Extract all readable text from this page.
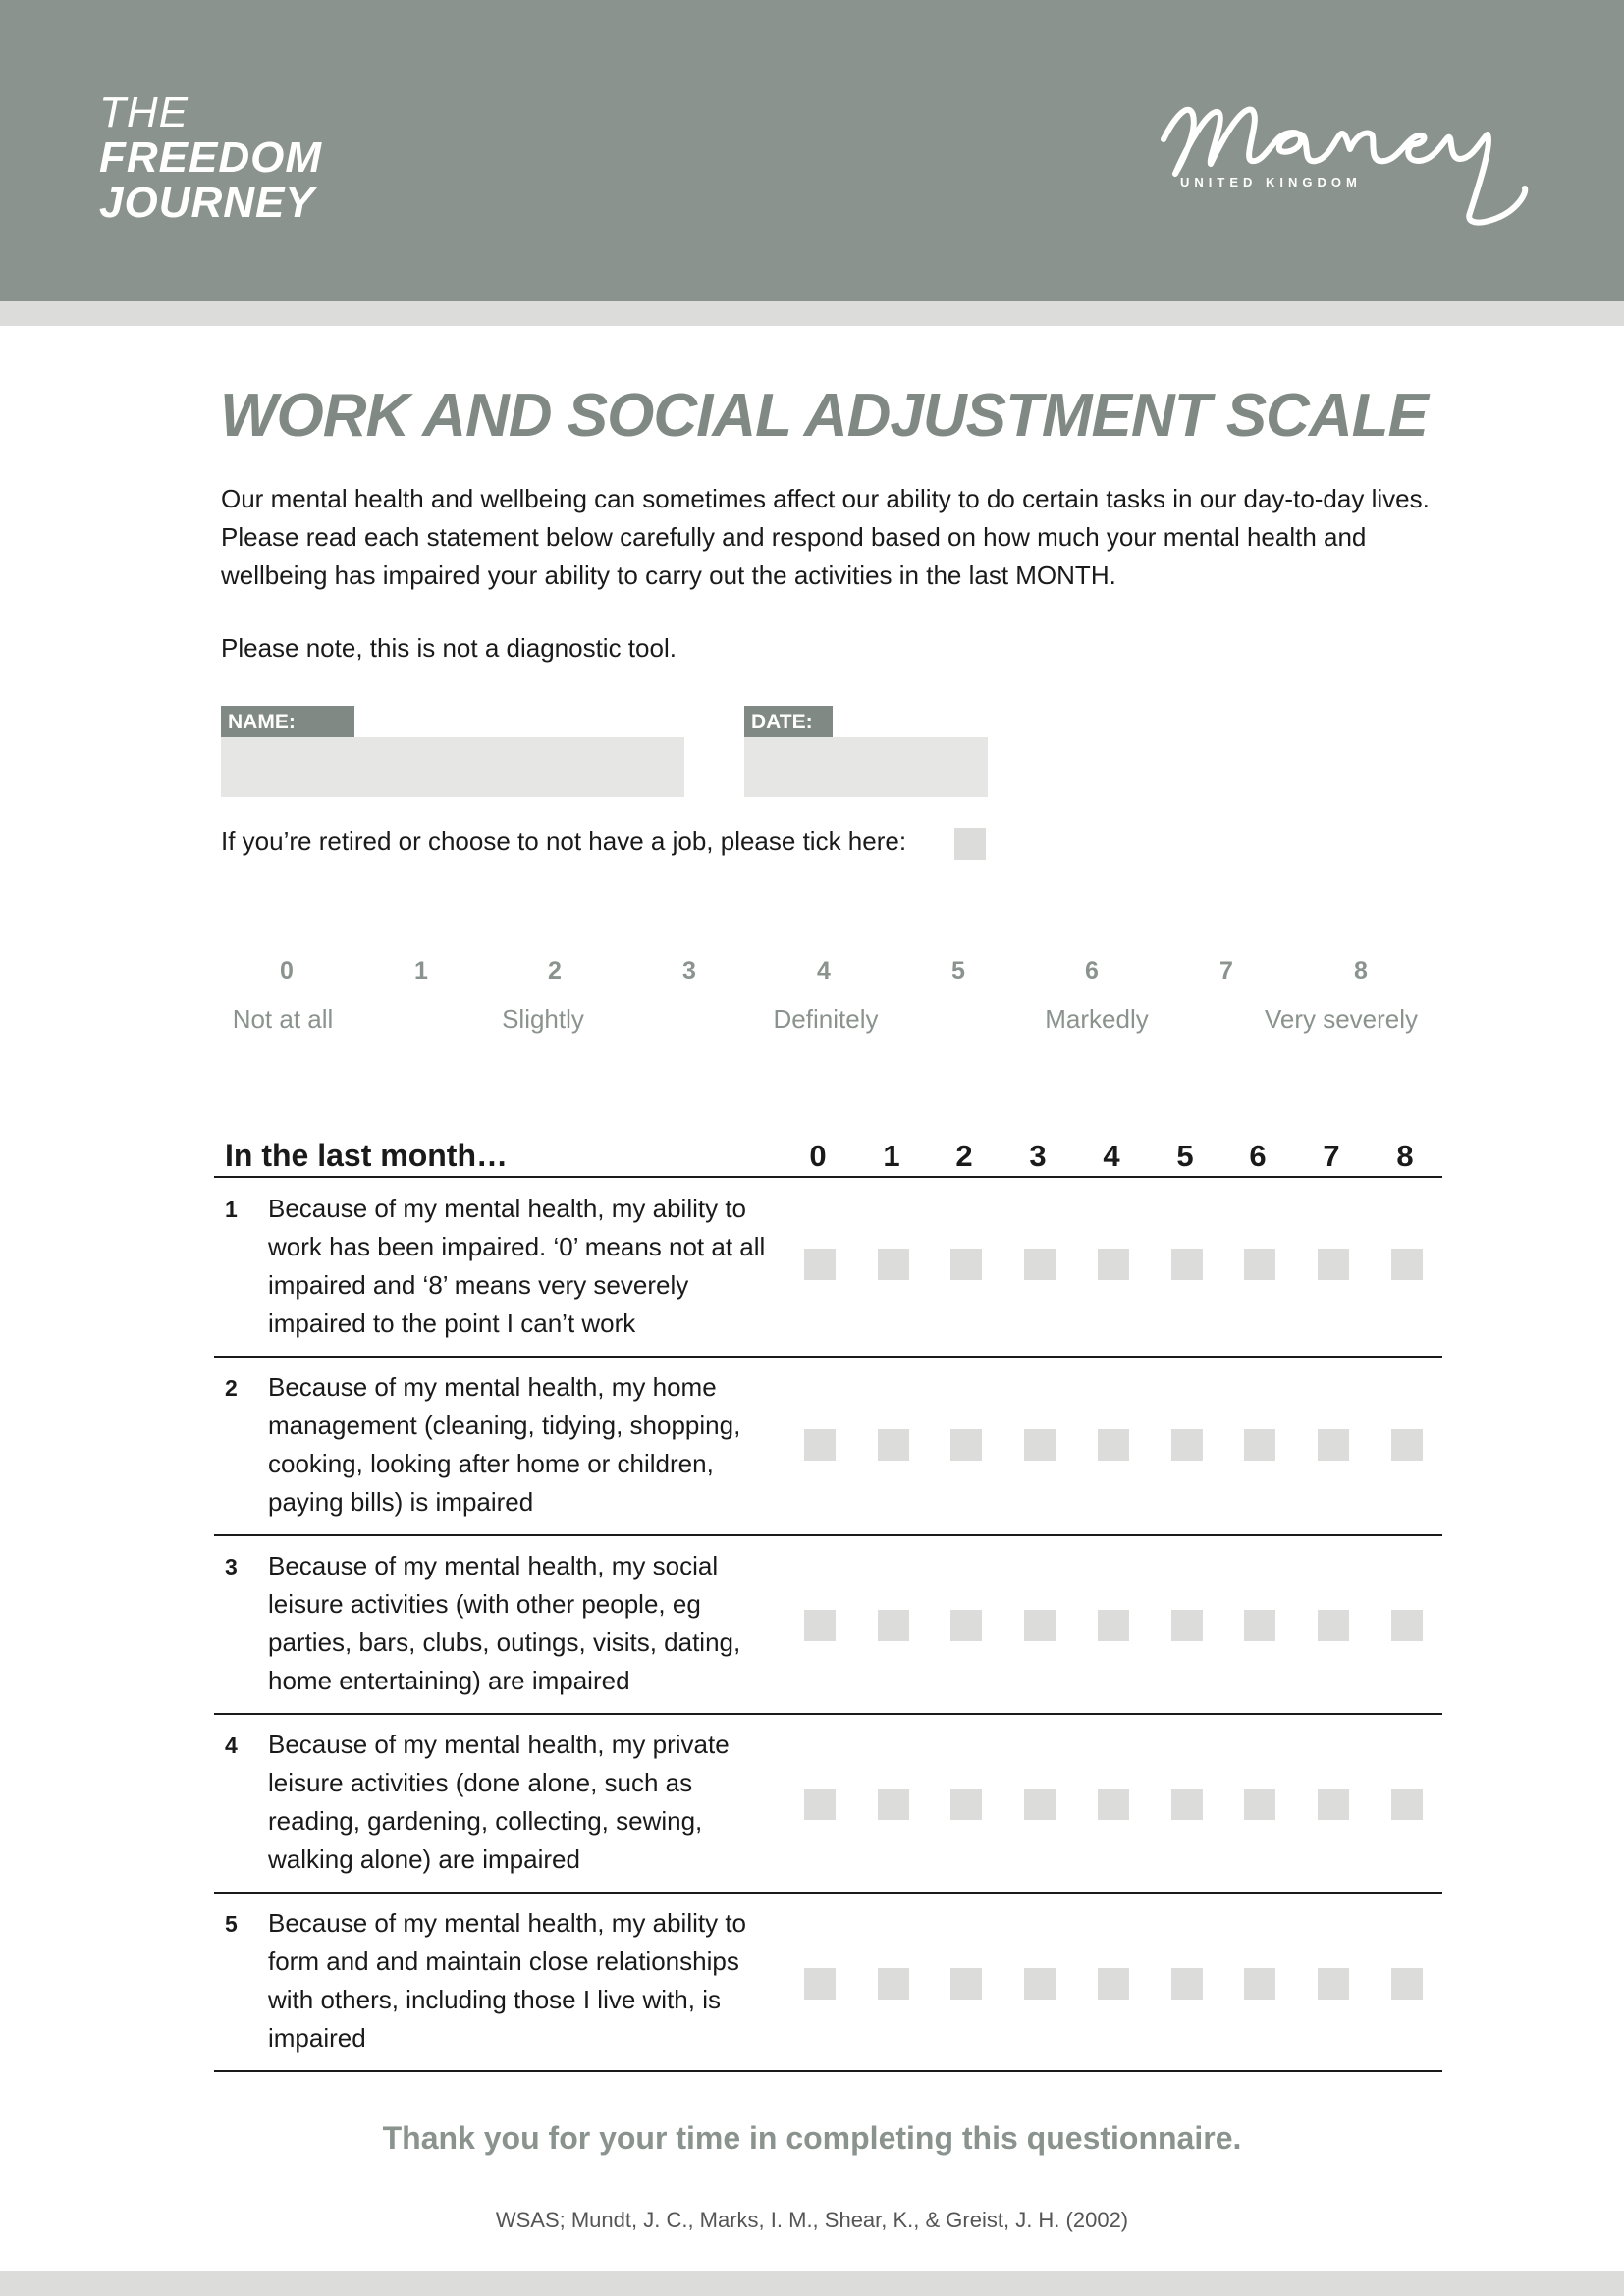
THE
FREEDOM
JOURNEY	UNITED KINGDOM
WORK AND SOCIAL ADJUSTMENT SCALE

Our mental health and wellbeing can sometimes affect our ability to do certain tasks in our day-to-day lives. Please read each statement below carefully and respond based on how much your mental health and wellbeing has impaired your ability to carry out the activities in the last MONTH.

Please note, this is not a diagnostic tool.

NAME:	DATE:

If you’re retired or choose to not have a job, please tick here:

0	1	2	3	4	5	6	7	8
Not at all	Slightly	Definitely	Markedly	Very severely
In the last month…	0	1	2	3	4	5	6	7	8
1 Because of my mental health, my ability to work has been impaired. ‘0’ means not at all impaired and ‘8’ means very severely impaired to the point I can’t work

2 Because of my mental health, my home management (cleaning, tidying, shopping, cooking, looking after home or children, paying bills) is impaired

3 Because of my mental health, my social leisure activities (with other people, eg parties, bars, clubs, outings, visits, dating, home entertaining) are impaired

4 Because of my mental health, my private leisure activities (done alone, such as reading, gardening, collecting, sewing, walking alone) are impaired

5 Because of my mental health, my ability to form and and maintain close relationships with others, including those I live with, is impaired

Thank you for your time in completing this questionnaire.

WSAS; Mundt, J. C., Marks, I. M., Shear, K., & Greist, J. H. (2002)
